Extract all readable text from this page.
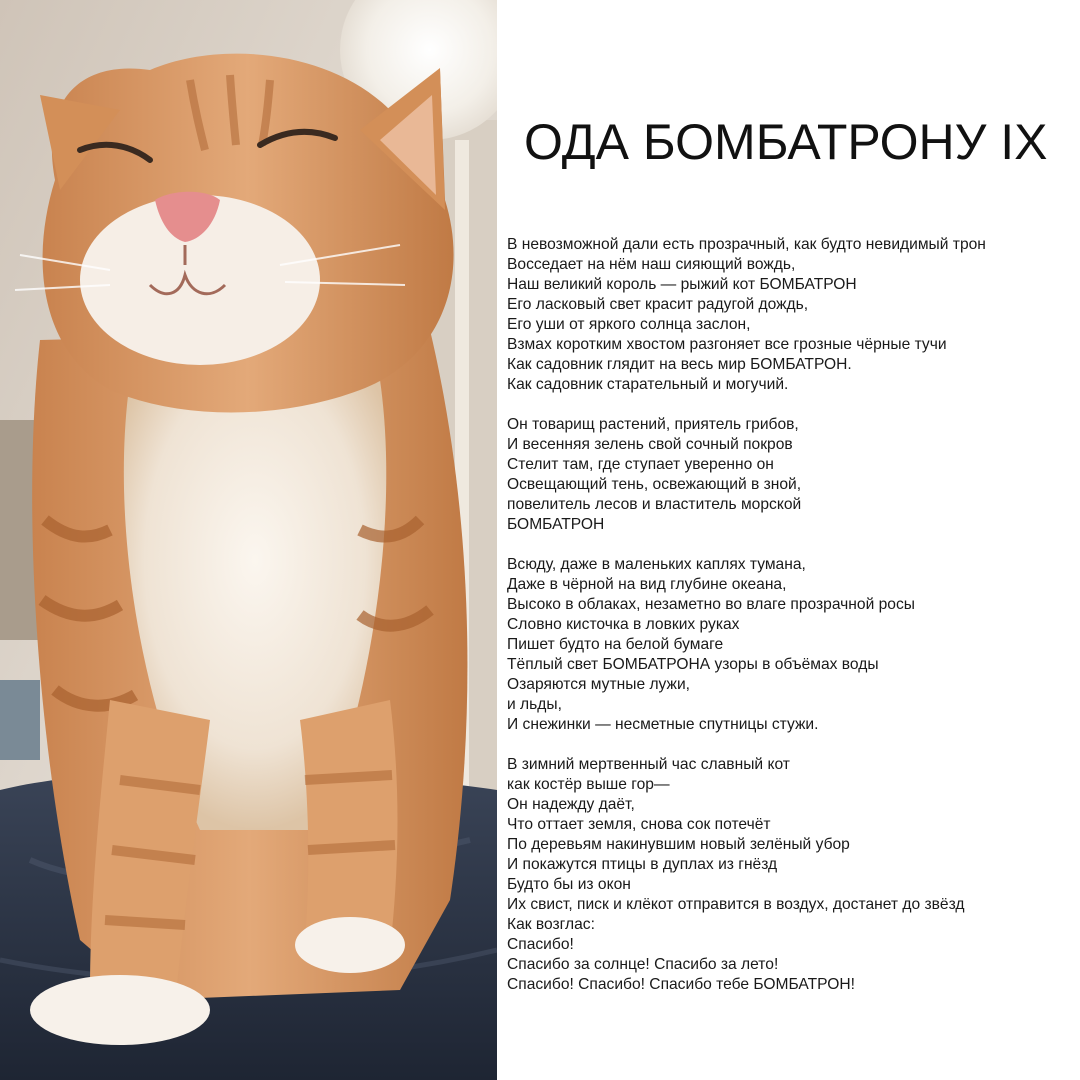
ОДА БОМБАТРОНУ IX
В невозможной дали есть прозрачный, как будто невидимый трон
Восседает на нём наш сияющий вождь,
Наш великий король — рыжий кот БОМБАТРОН
Его ласковый свет красит радугой дождь,
Его уши от яркого солнца заслон,
Взмах коротким хвостом разгоняет все грозные чёрные тучи
Как садовник глядит на весь мир БОМБАТРОН.
Как садовник старательный и могучий.
Он товарищ растений, приятель грибов,
И весенняя зелень свой сочный покров
Стелит там, где ступает уверенно он
Освещающий тень, освежающий в зной,
повелитель лесов и властитель морской
БОМБАТРОН
Всюду, даже в маленьких каплях тумана,
Даже в чёрной на вид глубине океана,
Высоко в облаках, незаметно во влаге прозрачной росы
Словно кисточка в ловких руках
Пишет будто на белой бумаге
Тёплый свет БОМБАТРОНА узоры в объёмах воды
Озаряются мутные лужи,
и льды,
И снежинки — несметные спутницы стужи.
В зимний мертвенный час славный кот
как костёр выше гор—
Он надежду даёт,
Что оттает земля, снова сок потечёт
По деревьям накинувшим новый зелёный убор
И покажутся птицы в дуплах из гнёзд
Будто бы из окон
Их свист, писк и клёкот отправится в воздух, достанет до звёзд
Как возглас:
Спасибо!
Спасибо за солнце! Спасибо за лето!
Спасибо! Спасибо! Спасибо тебе БОМБАТРОН!
